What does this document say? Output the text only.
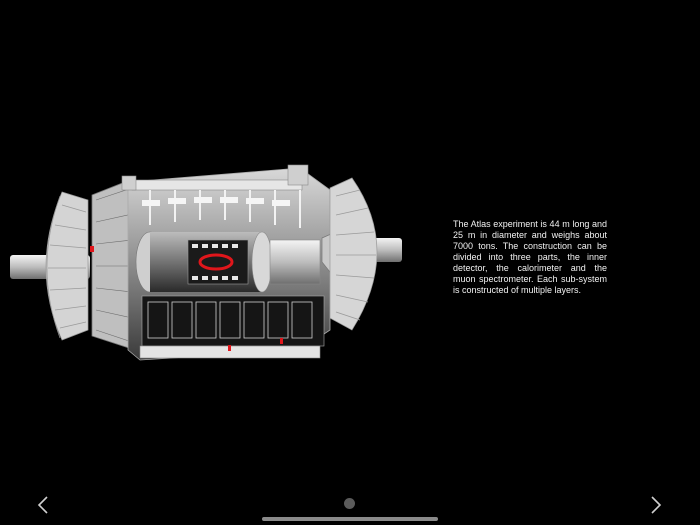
The Atlas experiment is 44 m long and 25 m in diameter and weighs about 7000 tons. The construction can be divided into three parts, the inner detector, the calorimeter and the muon spectrometer. Each sub-system is constructed of multiple layers.
